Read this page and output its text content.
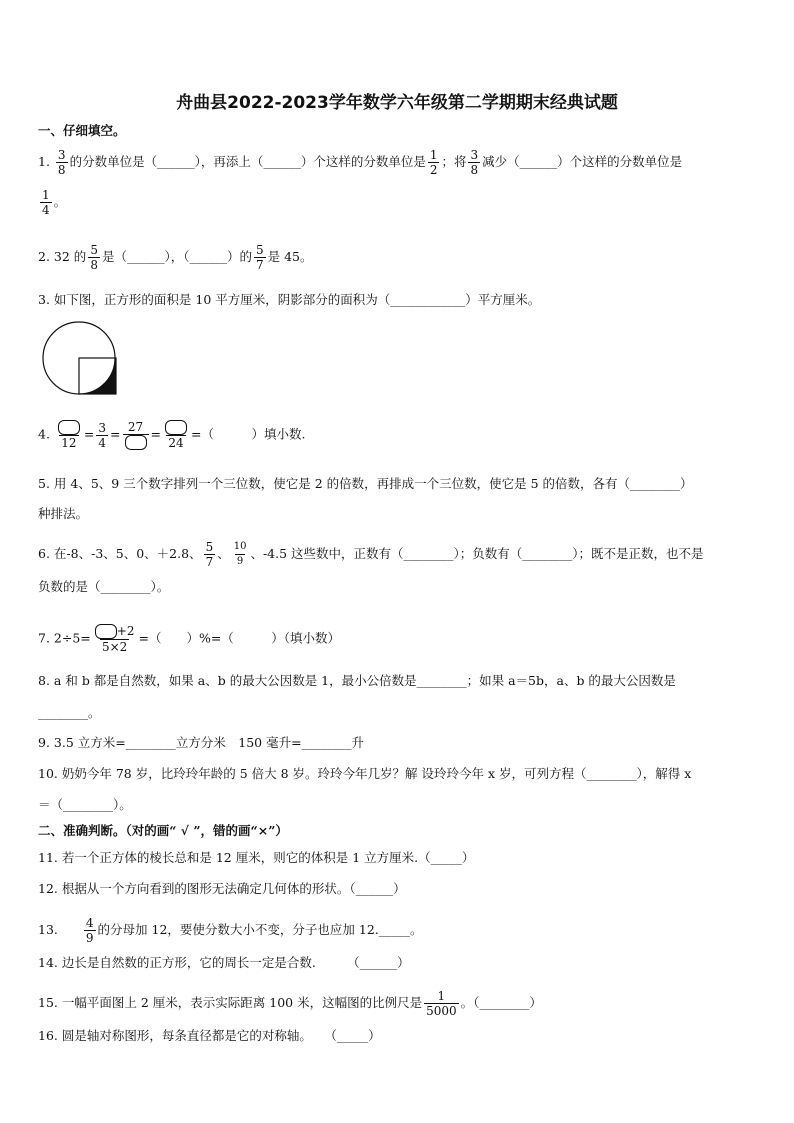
舟曲县2022-2023学年数学六年级第二学期期末经典试题
一、仔细填空。
1. $\frac{3}{8}$ 的分数单位是（______），再添上（______）个这样的分数单位是 $\frac{1}{2}$ ；将 $\frac{3}{8}$ 减少（______）个这样的分数单位是
$\frac{1}{4}$ 。
2. 32 的 $\frac{5}{8}$ 是（______），（______）的 $\frac{5}{7}$ 是 45。
3. 如下图，正方形的面积是 10 平方厘米，阴影部分的面积为（____________）平方厘米。
4.
12
= $\frac{3}{4} = 27$ =
24
=（　　　）填小数.
5. 用 4、5、9 三个数字排列一个三位数，使它是 2 的倍数，再排成一个三位数，使它是 5 的倍数，各有（________）
种排法。
6. 在-8、-3、5、0、＋2.8、 $\frac{5}{7}$ 、 $\frac{10}{9}$ 、-4.5 这些数中，正数有（________）；负数有（________）；既不是正数，也不是
负数的是（________）。
7. $2\div 5= \frac{+2}{5\times 2}$ =（　　）%=（　　　）（填小数）
8. a 和 b 都是自然数，如果 a、b 的最大公因数是 1，最小公倍数是________；如果 a＝5b，a、b 的最大公因数是
________。
9. 3.5 立方米=________立方分米　150 毫升=________升
10. 奶奶今年 78 岁，比玲玲年龄的 5 倍大 8 岁。玲玲今年几岁？解 设玲玲今年 x 岁，可列方程（________），解得 x
＝（________）。
二、准确判断。（对的画“ √ ”，错的画“×”）
11. 若一个正方体的棱长总和是 12 厘米，则它的体积是 1 立方厘米.（_____）
12. 根据从一个方向看到的图形无法确定几何体的形状。（______）
13. $\frac{4}{9}$ 的分母加 12，要使分数大小不变，分子也应加 12._____。
14. 边长是自然数的正方形，它的周长一定是合数.　　　（______）
15. 一幅平面图上 2 厘米，表示实际距离 100 米，这幅图的比例尺是 $\frac{1}{5000}$ 。（________）
16. 圆是轴对称图形，每条直径都是它的对称轴。　　（_____）
